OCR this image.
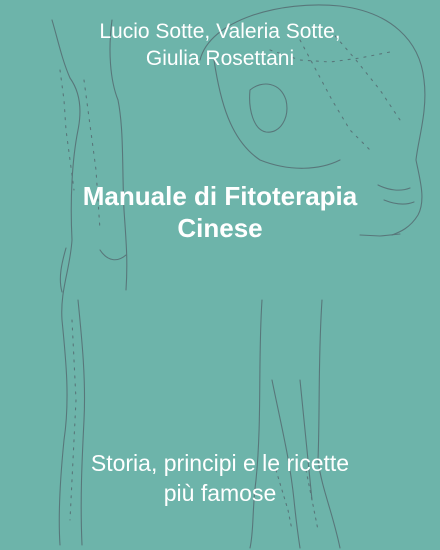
Lucio Sotte, Valeria Sotte,
Giulia Rosettani
Manuale di Fitoterapia
Cinese
Storia, principi e le ricette
più famose
